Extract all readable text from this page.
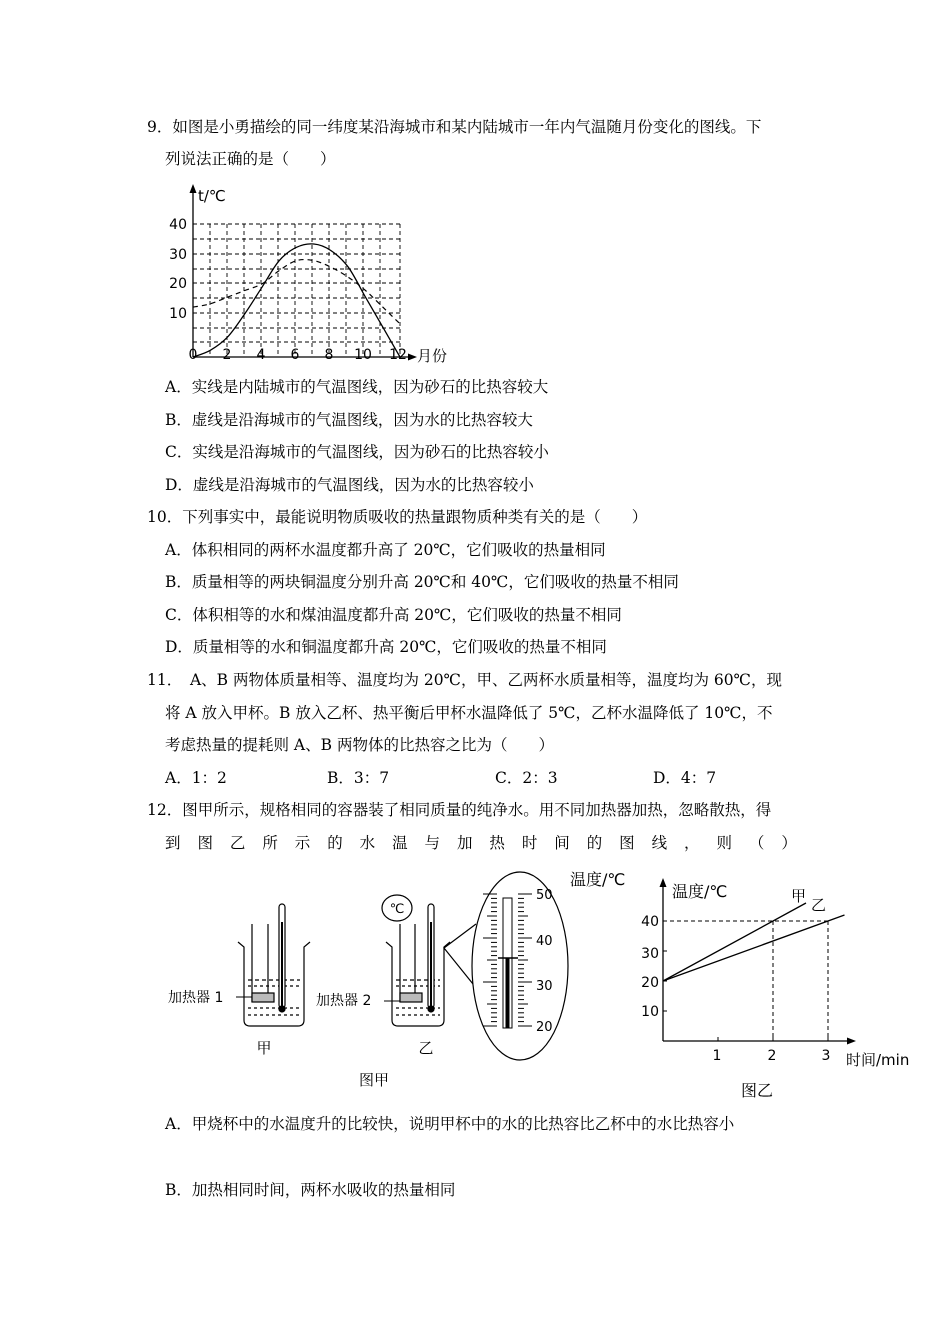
9．如图是小勇描绘的同一纬度某沿海城市和某内陆城市一年内气温随月份变化的图线。下
列说法正确的是（　　）
t/℃
月份
10
20
30
40
0 2 4 6 8 10 12
A．实线是内陆城市的气温图线，因为砂石的比热容较大
B．虚线是沿海城市的气温图线，因为水的比热容较大
C．实线是沿海城市的气温图线，因为砂石的比热容较小
D．虚线是沿海城市的气温图线，因为水的比热容较小
10．下列事实中，最能说明物质吸收的热量跟物质种类有关的是（　　）
A．体积相同的两杯水温度都升高了 20℃，它们吸收的热量相同
B．质量相等的两块铜温度分别升高 20℃和 40℃，它们吸收的热量不相同
C．体积相等的水和煤油温度都升高 20℃，它们吸收的热量不相同
D．质量相等的水和铜温度都升高 20℃，它们吸收的热量不相同
11．　A、B 两物体质量相等、温度均为 20℃，甲、乙两杯水质量相等，温度均为 60℃，现
将 A 放入甲杯。B 放入乙杯、热平衡后甲杯水温降低了 5℃，乙杯水温降低了 10℃，不
考虑热量的提耗则 A、B 两物体的比热容之比为（　　）
A．1：2	B．3：7	C．2：3	D．4：7
12．图甲所示，规格相同的容器装了相同质量的纯净水。用不同加热器加热，忽略散热，得
到 图 乙 所 示 的 水 温 与 加 热 时 间 的 图 线 ， 则 （ ）
加热器 1
甲
加热器 2
乙
℃
温度/℃
50
40
30
20
图甲
温度/℃
时间/min
10
20
30
40
1	2	3
甲 乙
图乙
A．甲烧杯中的水温度升的比较快，说明甲杯中的水的比热容比乙杯中的水比热容小
B．加热相同时间，两杯水吸收的热量相同
